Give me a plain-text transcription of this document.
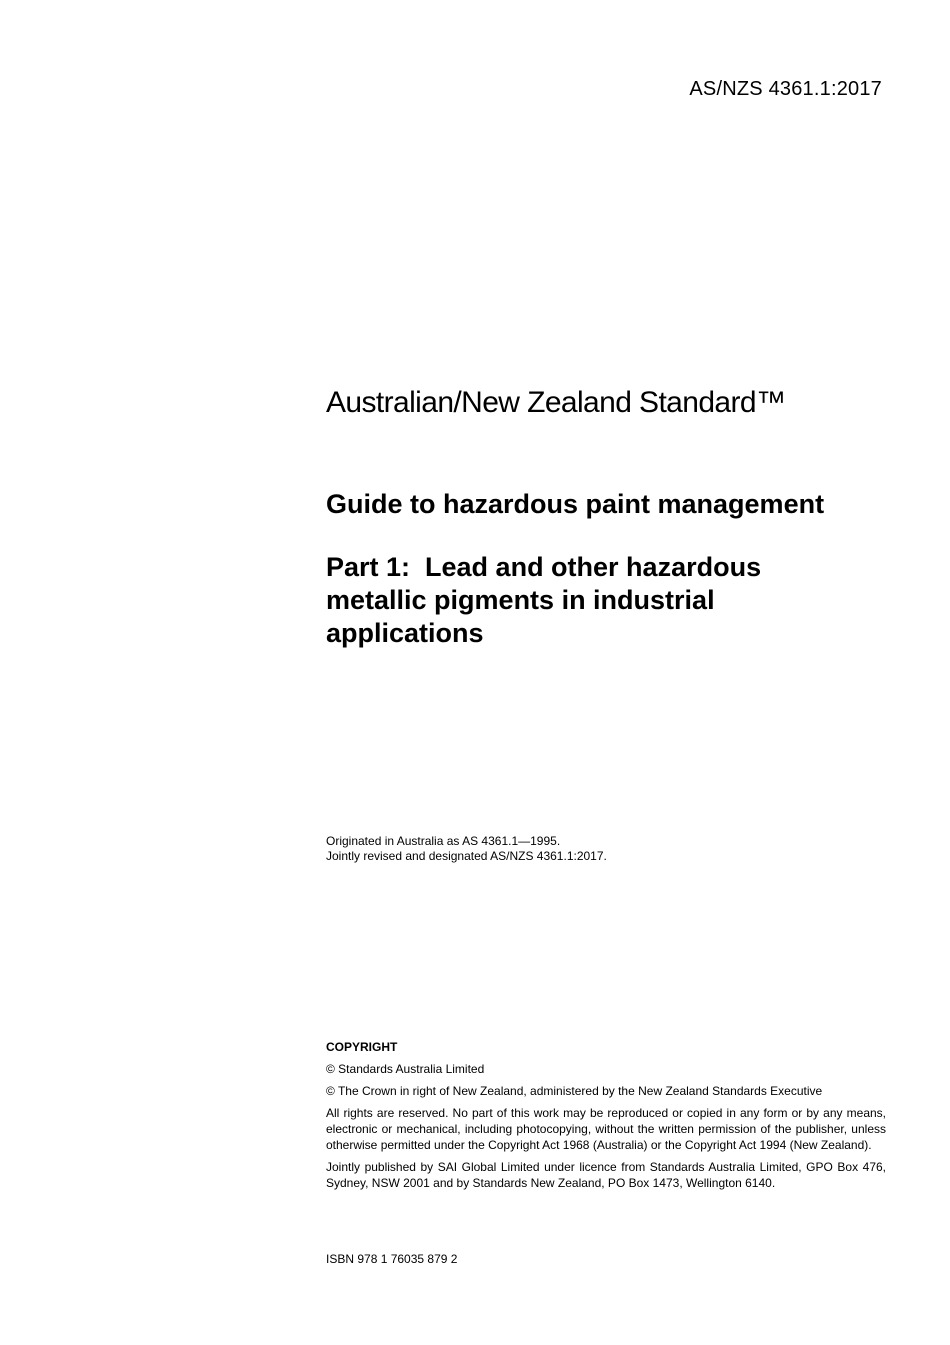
AS/NZS 4361.1:2017
Australian/New Zealand Standard™
Guide to hazardous paint management
Part 1:  Lead and other hazardous metallic pigments in industrial applications
Originated in Australia as AS 4361.1—1995.
Jointly revised and designated AS/NZS 4361.1:2017.
COPYRIGHT
© Standards Australia Limited
© The Crown in right of New Zealand, administered by the New Zealand Standards Executive
All rights are reserved. No part of this work may be reproduced or copied in any form or by any means, electronic or mechanical, including photocopying, without the written permission of the publisher, unless otherwise permitted under the Copyright Act 1968 (Australia) or the Copyright Act 1994 (New Zealand).
Jointly published by SAI Global Limited under licence from Standards Australia Limited, GPO Box 476, Sydney, NSW 2001 and by Standards New Zealand, PO Box 1473, Wellington 6140.
ISBN 978 1 76035 879 2
